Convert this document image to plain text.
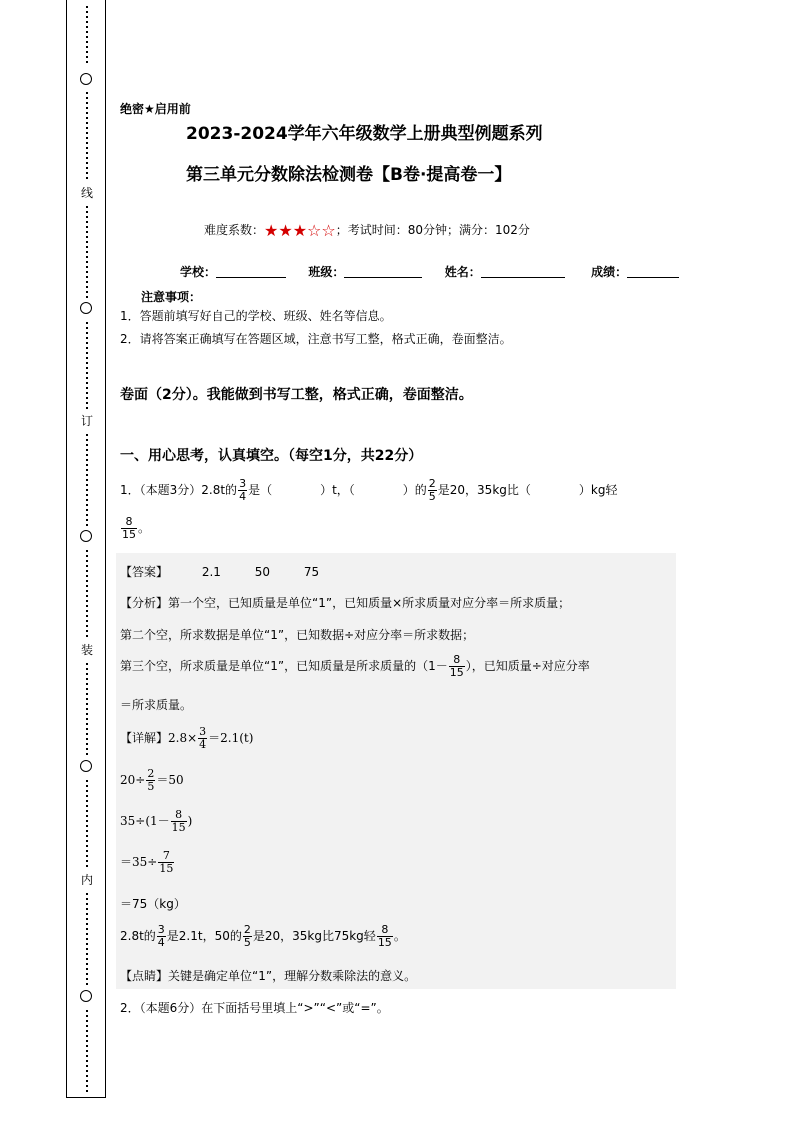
线
订
装
内
绝密★启用前
2023-2024学年六年级数学上册典型例题系列
第三单元分数除法检测卷【B卷·提高卷一】
难度系数：★★★☆☆；考试时间：80分钟；满分：102分
学校：	班级：	姓名：	成绩：
注意事项：
1．答题前填写好自己的学校、班级、姓名等信息。
2．请将答案正确填写在答题区域，注意书写工整，格式正确，卷面整洁。
卷面（2分）。我能做到书写工整，格式正确，卷面整洁。
一、用心思考，认真填空。（每空1分，共22分）
1．（本题3分）2.8t的 $\frac{3}{4}$ 是（　　　　）t，（　　　　）的 $\frac{2}{5}$ 是20，35kg比（　　　　）kg轻
$\frac{8}{15}$ 。
【答案】	2.1	50	75
【分析】第一个空，已知质量是单位“1”，已知质量×所求质量对应分率＝所求质量；
第二个空，所求数据是单位“1”，已知数据÷对应分率＝所求数据；
第三个空，所求质量是单位“1”，已知质量是所求质量的（$1- \frac{8}{15}$ ），已知质量÷对应分率
＝所求质量。
【详解】$2.8\times \frac{3}{4} =2.1(t)$
$20\div \frac{2}{5} =50$
$35\div(1- \frac{8}{15}$ )
$=35\div \frac{7}{15}$
＝75（kg）
2.8t的 $\frac{3}{4}$ 是2.1t，50的 $\frac{2}{5}$ 是20，35kg比75kg轻 $\frac{8}{15}$ 。
【点睛】关键是确定单位“1”，理解分数乘除法的意义。
2．（本题6分）在下面括号里填上“>”“<”或“=”。
